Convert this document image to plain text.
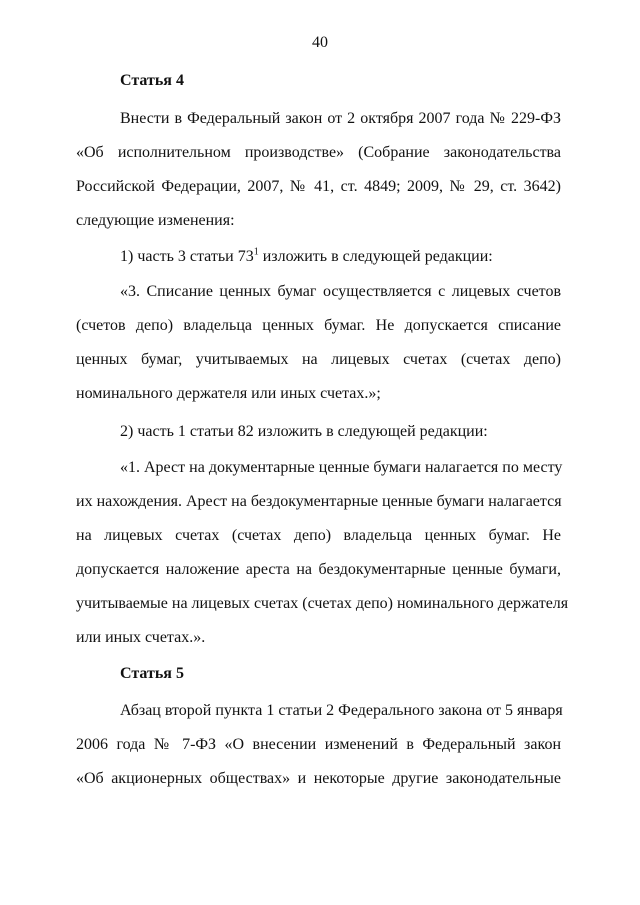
40
Статья 4
Внести в Федеральный закон от 2 октября 2007 года № 229-ФЗ
«Об исполнительном производстве» (Собрание законодательства
Российской Федерации, 2007, № 41, ст. 4849; 2009, № 29, ст. 3642)
следующие изменения:
1) часть 3 статьи $73^1$ изложить в следующей редакции:
«3. Списание ценных бумаг осуществляется с лицевых счетов
(счетов депо) владельца ценных бумаг. Не допускается списание
ценных бумаг, учитываемых на лицевых счетах (счетах депо)
номинального держателя или иных счетах.»;
2) часть 1 статьи 82 изложить в следующей редакции:
«1. Арест на документарные ценные бумаги налагается по месту
их нахождения. Арест на бездокументарные ценные бумаги налагается
на лицевых счетах (счетах депо) владельца ценных бумаг. Не
допускается наложение ареста на бездокументарные ценные бумаги,
учитываемые на лицевых счетах (счетах депо) номинального держателя
или иных счетах.».
Статья 5
Абзац второй пункта 1 статьи 2 Федерального закона от 5 января
2006 года № 7-ФЗ «О внесении изменений в Федеральный закон
«Об акционерных обществах» и некоторые другие законодательные
